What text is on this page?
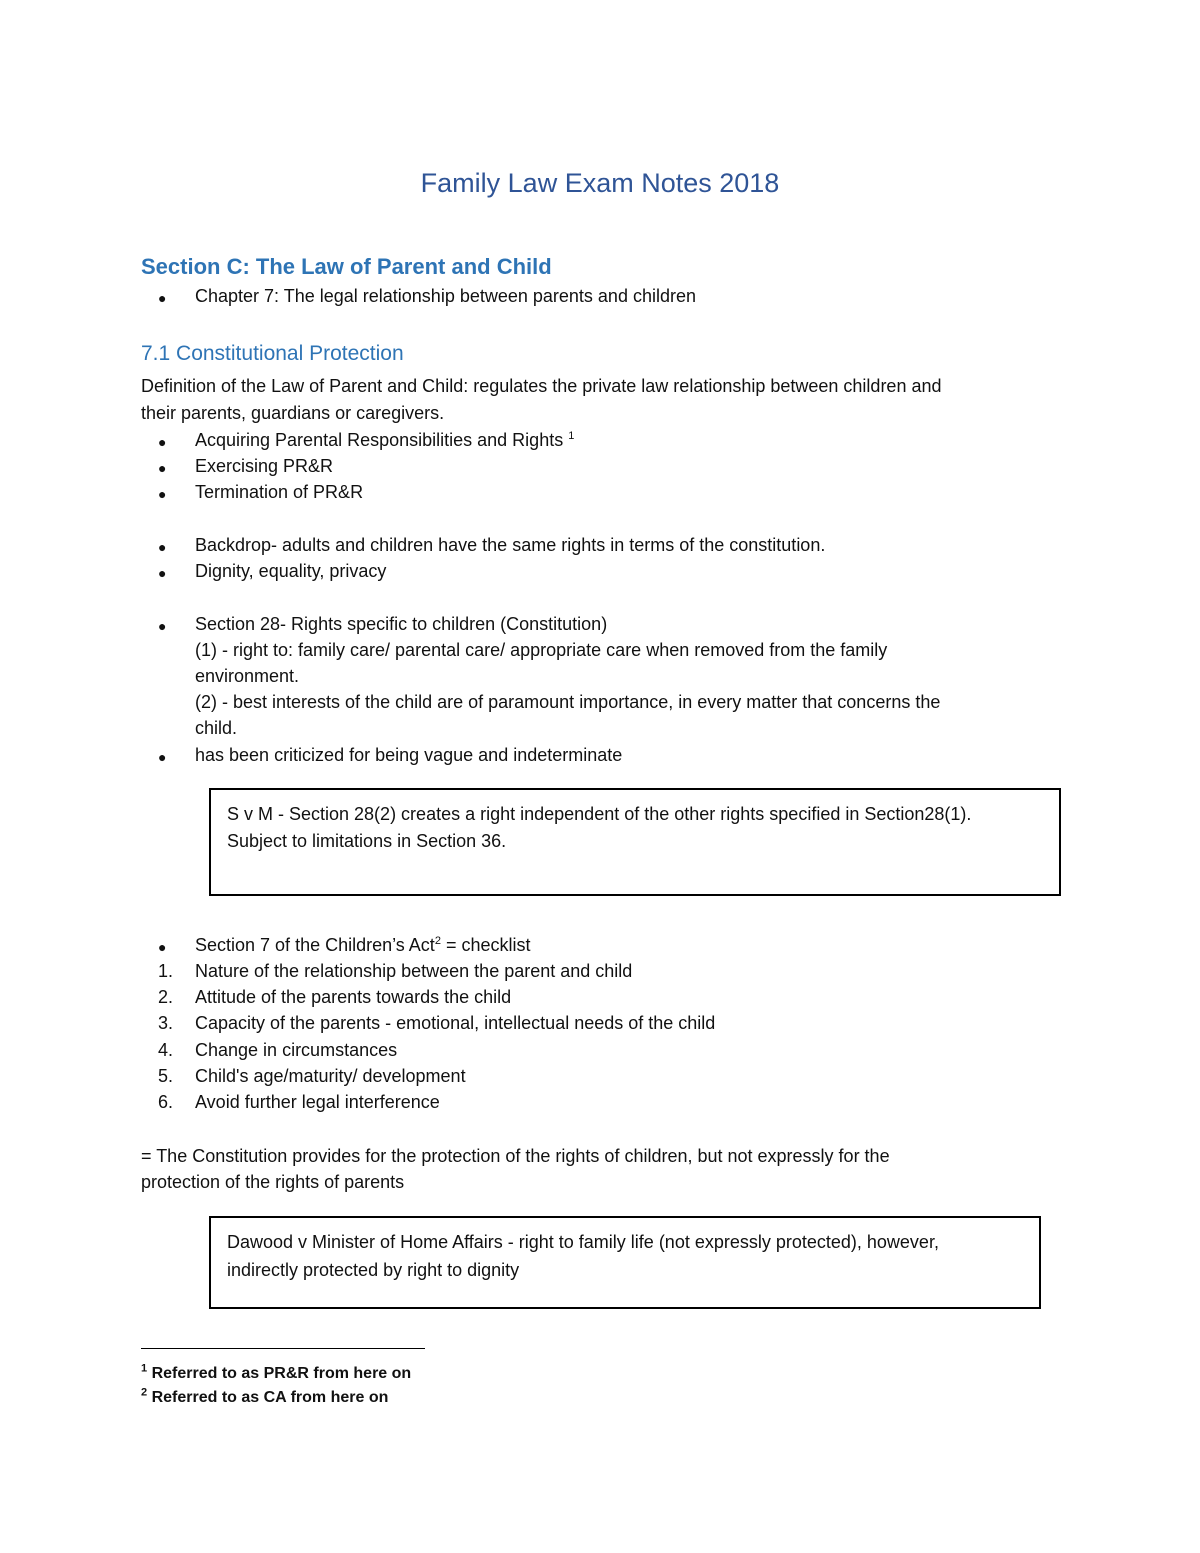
Family Law Exam Notes 2018
Section C: The Law of Parent and Child
● Chapter 7: The legal relationship between parents and children
7.1 Constitutional Protection
Definition of the Law of Parent and Child: regulates the private law relationship between children and
their parents, guardians or caregivers.
● Acquiring Parental Responsibilities and Rights $^1$
● Exercising PR&R
● Termination of PR&R
● Backdrop- adults and children have the same rights in terms of the constitution.
● Dignity, equality, privacy
● Section 28- Rights specific to children (Constitution)
(1) - right to: family care/ parental care/ appropriate care when removed from the family
environment.
(2) - best interests of the child are of paramount importance, in every matter that concerns the
child.
● has been criticized for being vague and indeterminate
S v M - Section 28(2) creates a right independent of the other rights specified in Section28(1).
Subject to limitations in Section 36.
● Section 7 of the Children’s Act$^2$ = checklist
1. Nature of the relationship between the parent and child
2. Attitude of the parents towards the child
3. Capacity of the parents - emotional, intellectual needs of the child
4. Change in circumstances
5. Child's age/maturity/ development
6. Avoid further legal interference
= The Constitution provides for the protection of the rights of children, but not expressly for the
protection of the rights of parents
Dawood v Minister of Home Affairs - right to family life (not expressly protected), however,
indirectly protected by right to dignity
$^1$ Referred to as PR&R from here on
$^2$ Referred to as CA from here on
